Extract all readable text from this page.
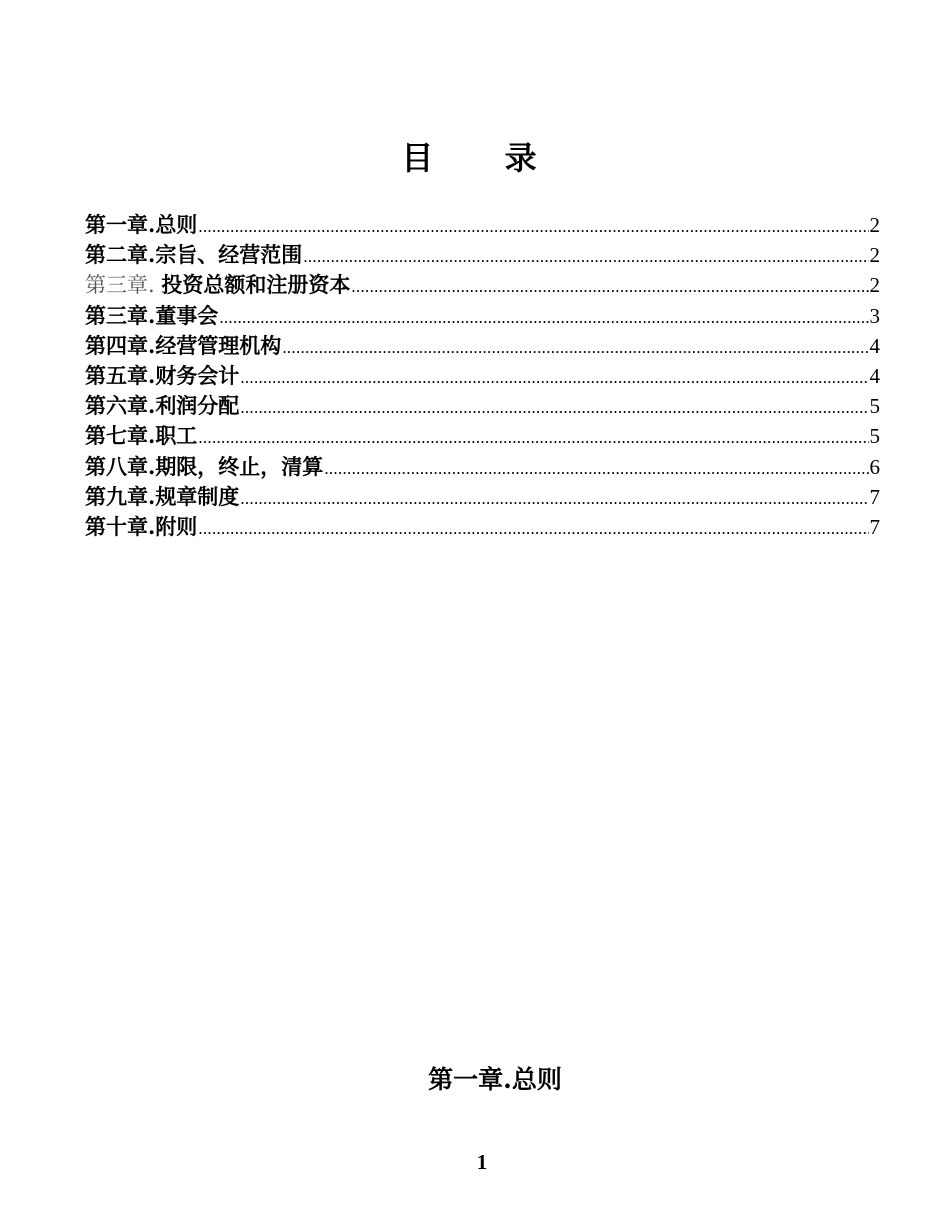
目 录
第一章.总则 .....	2
第二章.宗旨、经营范围 .....	2
第三章. 投资总额和注册资本 .....	2
第三章.董事会 .....	3
第四章.经营管理机构 .....	4
第五章.财务会计 .....	4
第六章.利润分配 .....	5
第七章.职工 .....	5
第八章.期限，终止，清算 .....	6
第九章.规章制度 .....	7
第十章.附则 .....	7
第一章.总则
1
